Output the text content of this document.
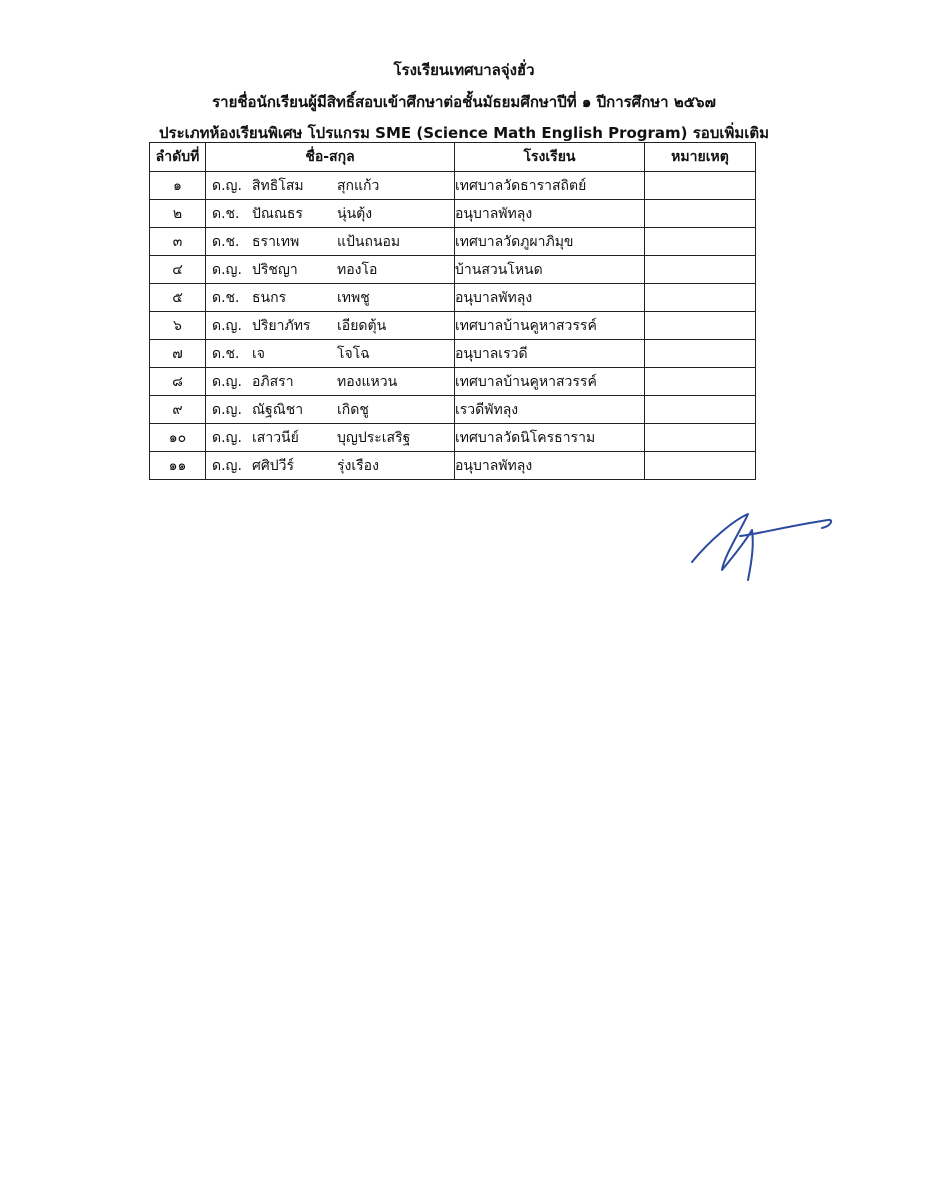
โรงเรียนเทศบาลจุ่งฮั่ว
รายชื่อนักเรียนผู้มีสิทธิ์สอบเข้าศึกษาต่อชั้นมัธยมศึกษาปีที่ ๑ ปีการศึกษา ๒๕๖๗
ประเภทห้องเรียนพิเศษ โปรแกรม SME (Science Math English Program) รอบเพิ่มเติม
ลำดับที่	ชื่อ-สกุล	โรงเรียน	หมายเหตุ
๑	ด.ญ. สิทธิโสม สุกแก้ว	เทศบาลวัดธาราสถิตย์	
๒	ด.ช. ปัณณธร นุ่นตุ้ง	อนุบาลพัทลุง	
๓	ด.ช. ธราเทพ แป้นถนอม	เทศบาลวัดภูผาภิมุข	
๔	ด.ญ. ปริชญา ทองโอ	บ้านสวนโหนด	
๕	ด.ช. ธนกร เทพชู	อนุบาลพัทลุง	
๖	ด.ญ. ปริยาภัทร เอียดตุ้น	เทศบาลบ้านคูหาสวรรค์	
๗	ด.ช. เจ โจโฉ	อนุบาลเรวดี	
๘	ด.ญ. อภิสรา ทองแหวน	เทศบาลบ้านคูหาสวรรค์	
๙	ด.ญ. ณัฐณิชา เกิดชู	เรวดีพัทลุง	
๑๐	ด.ญ. เสาวนีย์ บุญประเสริฐ	เทศบาลวัดนิโครธาราม	
๑๑	ด.ญ. ศศิปวีร์ รุ่งเรือง	อนุบาลพัทลุง	
